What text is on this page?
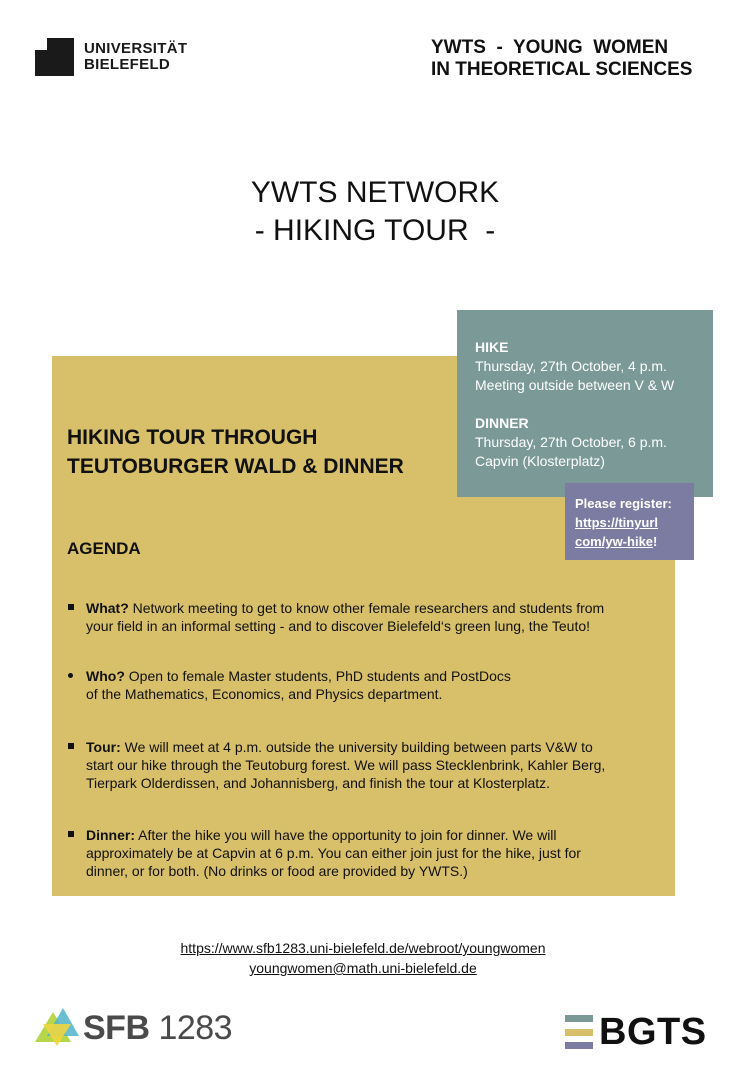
UNIVERSITÄT
BIELEFELD
YWTS  -  YOUNG  WOMEN
IN THEORETICAL SCIENCES
YWTS NETWORK
- HIKING TOUR  -
HIKING TOUR THROUGH
TEUTOBURGER WALD & DINNER
AGENDA
What? Network meeting to get to know other female researchers and students from
your field in an informal setting - and to discover Bielefeld‘s green lung, the Teuto!
Who? Open to female Master students, PhD students and PostDocs
of the Mathematics, Economics, and Physics department.
Tour: We will meet at 4 p.m. outside the university building between parts V&W to
start our hike through the Teutoburg forest. We will pass Stecklenbrink, Kahler Berg,
Tierpark Olderdissen, and Johannisberg, and finish the tour at Klosterplatz.
Dinner: After the hike you will have the opportunity to join for dinner. We will
approximately be at Capvin at 6 p.m. You can either join just for the hike, just for
dinner, or for both. (No drinks or food are provided by YWTS.)
HIKE
Thursday, 27th October, 4 p.m.
Meeting outside between V & W
DINNER
Thursday, 27th October, 6 p.m.
Capvin (Klosterplatz)
Please register:
https://tinyurl
com/yw-hike!
https://www.sfb1283.uni-bielefeld.de/webroot/youngwomen
youngwomen@math.uni-bielefeld.de
SFB 1283	BGTS
